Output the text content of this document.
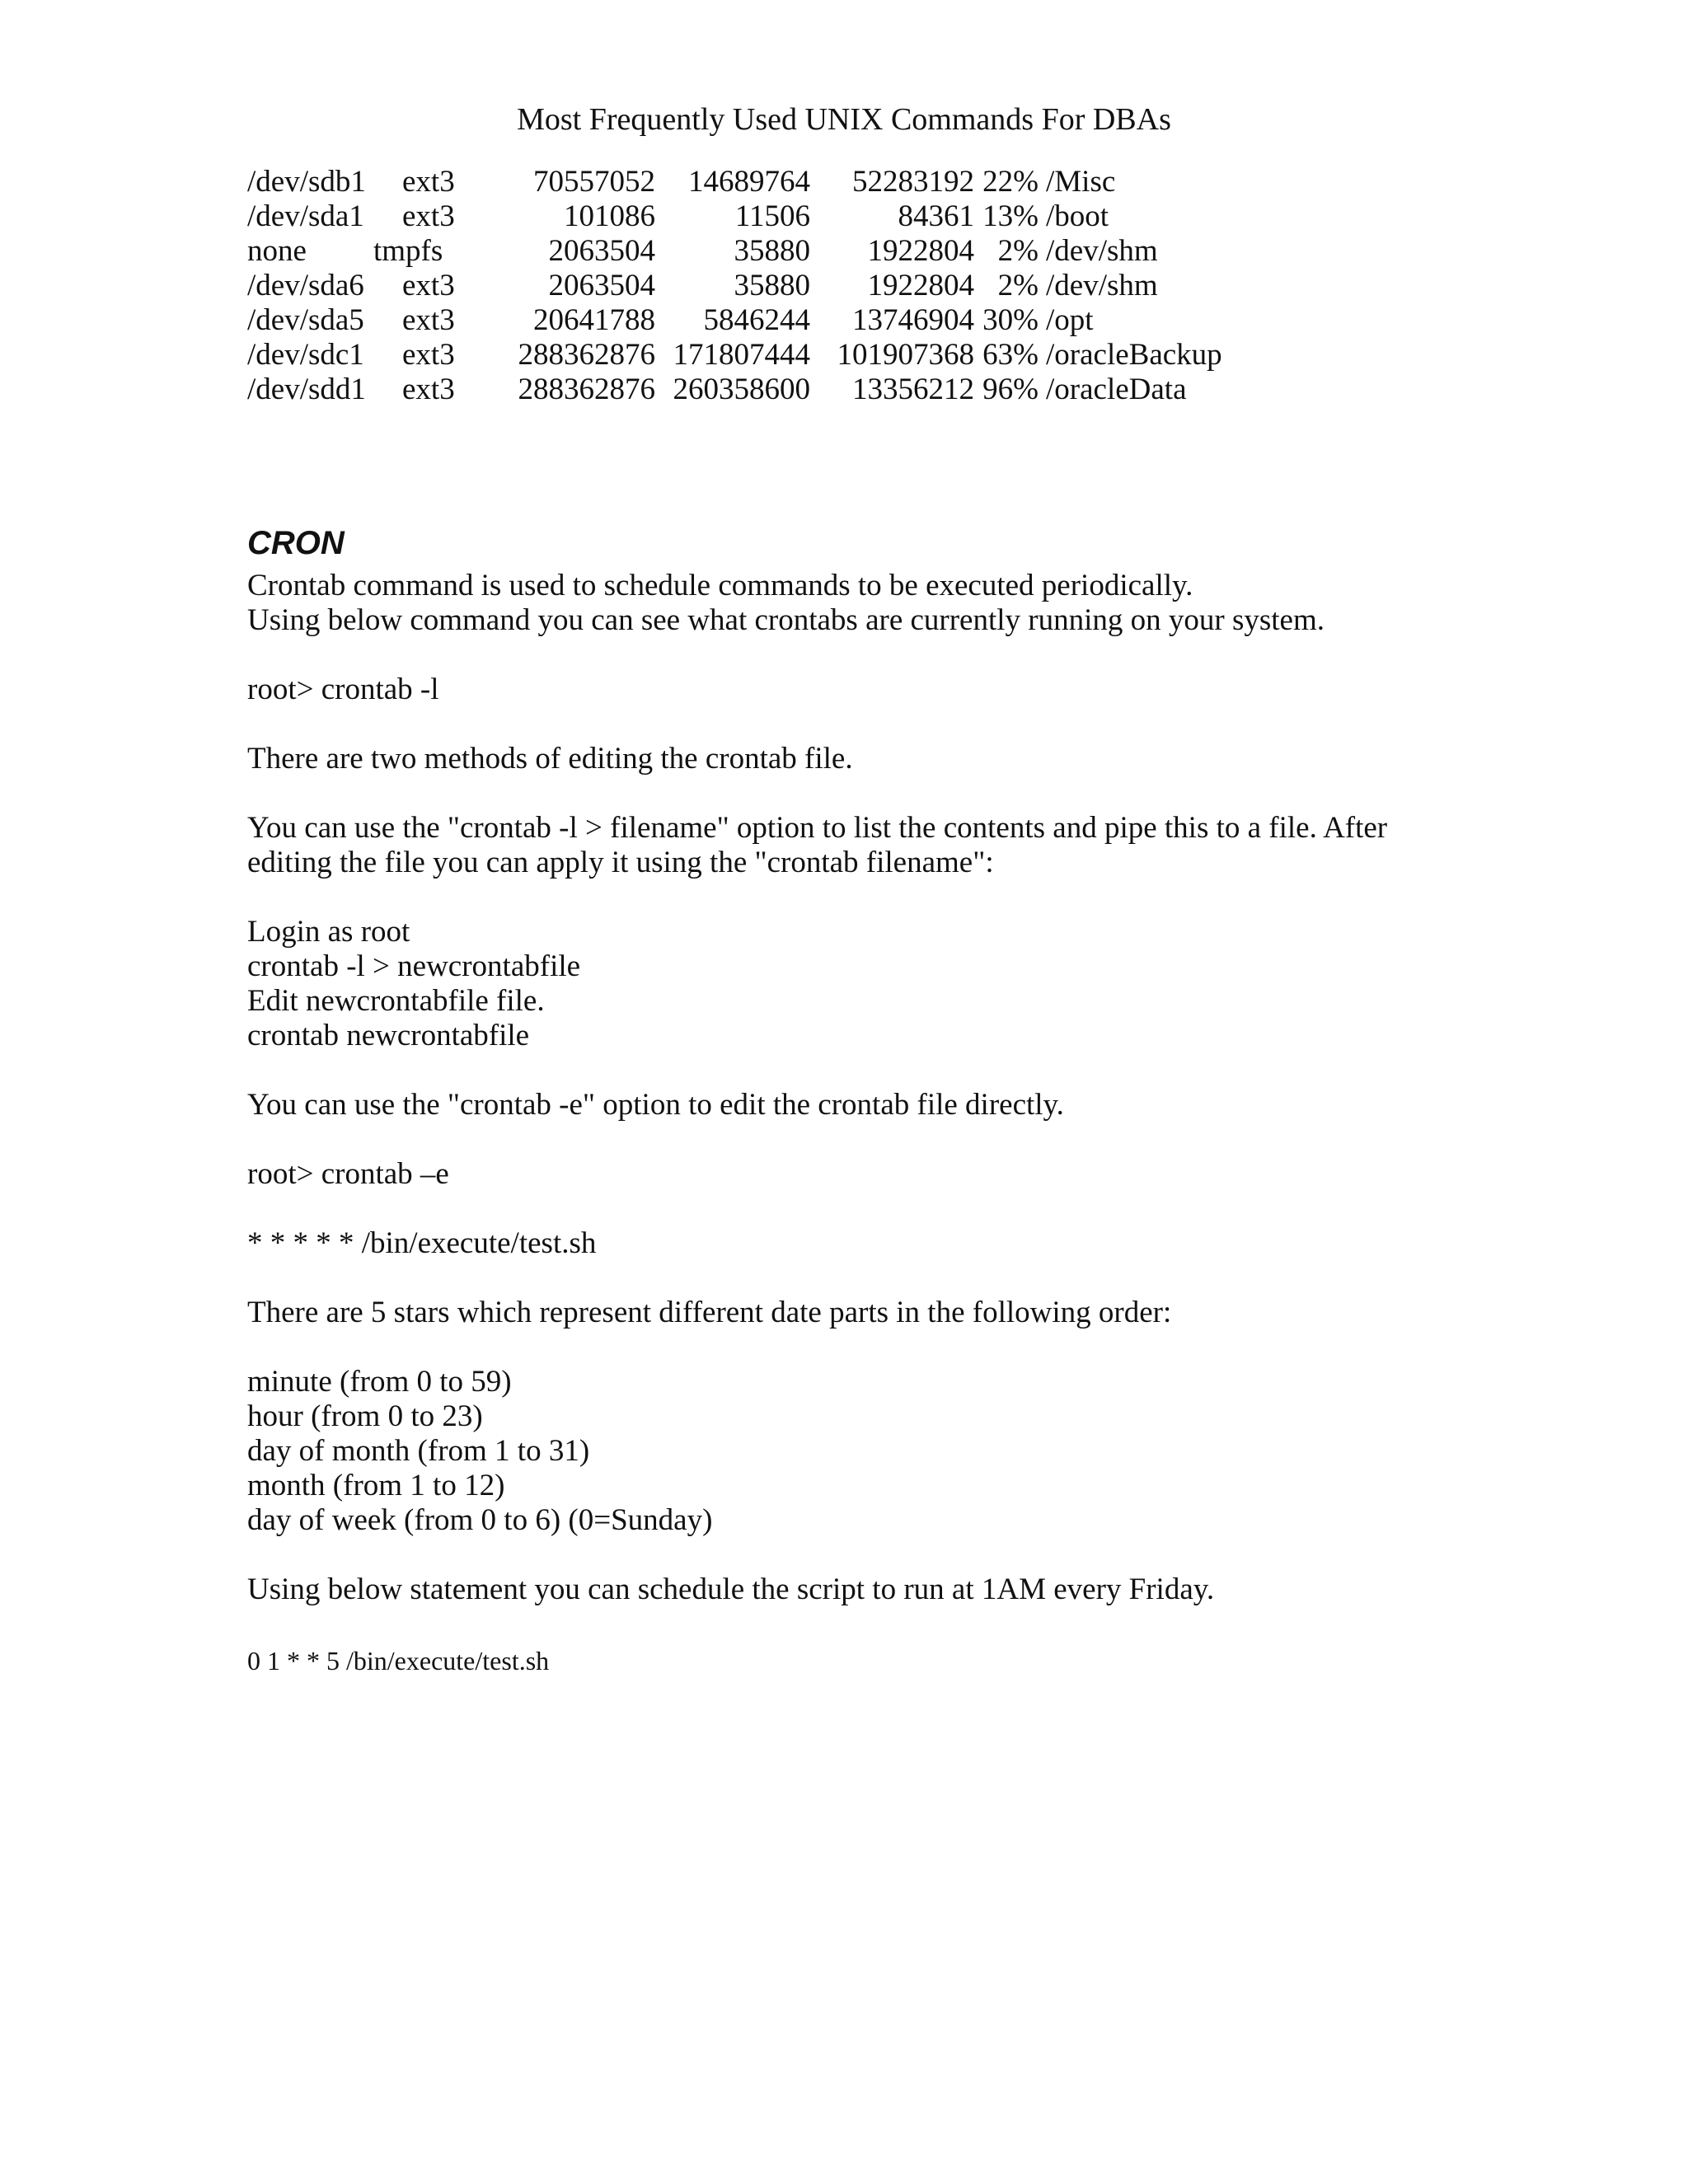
Most Frequently Used UNIX Commands For DBAs
/dev/sdb1 ext3	70557052	14689764	52283192 22% /Misc
/dev/sda1 ext3	101086	11506	84361 13% /boot
none tmpfs	2063504	35880	1922804 2% /dev/shm
/dev/sda6 ext3	2063504	35880	1922804 2% /dev/shm
/dev/sda5 ext3	20641788	5846244	13746904 30% /opt
/dev/sdc1 ext3	288362876 171807444 101907368 63% /oracleBackup
/dev/sdd1 ext3	288362876 260358600	13356212 96% /oracleData
CRON
Crontab command is used to schedule commands to be executed periodically.
Using below command you can see what crontabs are currently running on your system.
root> crontab -l
There are two methods of editing the crontab file.
You can use the "crontab -l > filename" option to list the contents and pipe this to a file. After
editing the file you can apply it using the "crontab filename":
Login as root
crontab -l > newcrontabfile
Edit newcrontabfile file.
crontab newcrontabfile
You can use the "crontab -e" option to edit the crontab file directly.
root> crontab –e
* * * * * /bin/execute/test.sh
There are 5 stars which represent different date parts in the following order:
minute (from 0 to 59)
hour (from 0 to 23)
day of month (from 1 to 31)
month (from 1 to 12)
day of week (from 0 to 6) (0=Sunday)
Using below statement you can schedule the script to run at 1AM every Friday.
0 1 * * 5 /bin/execute/test.sh
